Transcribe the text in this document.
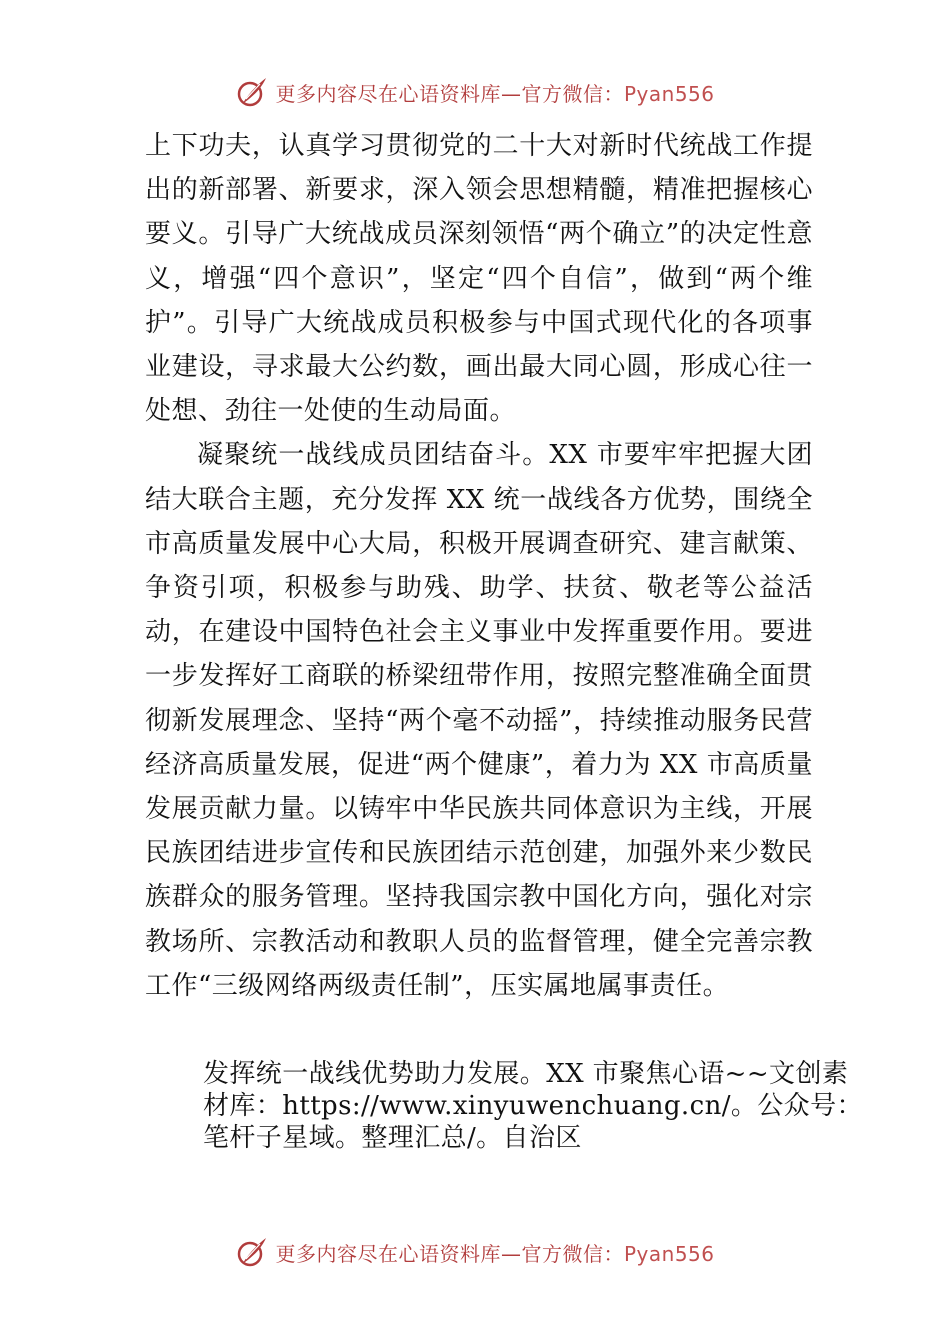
更多内容尽在心语资料库—官方微信：Pyan556

上下功夫，认真学习贯彻党的二十大对新时代统战工作提出的新部署、新要求，深入领会思想精髓，精准把握核心要义。引导广大统战成员深刻领悟“两个确立”的决定性意义，增强“四个意识”，坚定“四个自信”，做到“两个维护”。引导广大统战成员积极参与中国式现代化的各项事业建设，寻求最大公约数，画出最大同心圆，形成心往一处想、劲往一处使的生动局面。

凝聚统一战线成员团结奋斗。XX 市要牢牢把握大团结大联合主题，充分发挥 XX 统一战线各方优势，围绕全市高质量发展中心大局，积极开展调查研究、建言献策、争资引项，积极参与助残、助学、扶贫、敬老等公益活动，在建设中国特色社会主义事业中发挥重要作用。要进一步发挥好工商联的桥梁纽带作用，按照完整准确全面贯彻新发展理念、坚持“两个毫不动摇”，持续推动服务民营经济高质量发展，促进“两个健康”，着力为 XX 市高质量发展贡献力量。以铸牢中华民族共同体意识为主线，开展民族团结进步宣传和民族团结示范创建，加强外来少数民族群众的服务管理。坚持我国宗教中国化方向，强化对宗教场所、宗教活动和教职人员的监督管理，健全完善宗教工作“三级网络两级责任制”，压实属地属事责任。

发挥统一战线优势助力发展。XX 市聚焦心语~~文创素材库：https://www.xinyuwenchuang.cn/。公众号：笔杆子星域。整理汇总/。自治区

更多内容尽在心语资料库—官方微信：Pyan556
